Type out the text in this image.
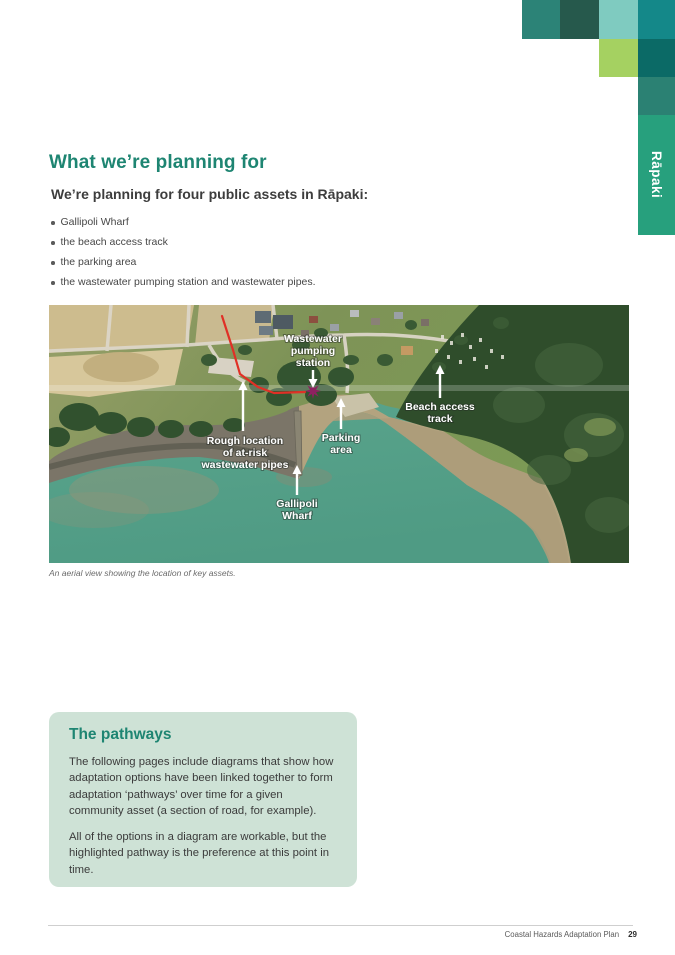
Rāpaki
What we’re planning for
We’re planning for four public assets in Rāpaki:
Gallipoli Wharf
the beach access track
the parking area
the wastewater pumping station and wastewater pipes.
Wastewater
pumping
station
Rough location
of at-risk
wastewater pipes
Parking
area
Gallipoli
Wharf
Beach access
track
An aerial view showing the location of key assets.
The pathways

The following pages include diagrams that show how adaptation options have been linked together to form adaptation ‘pathways’ over time for a given community asset (a section of road, for example).

All of the options in a diagram are workable, but the highlighted pathway is the preference at this point in time.

Coastal Hazards Adaptation Plan 29
